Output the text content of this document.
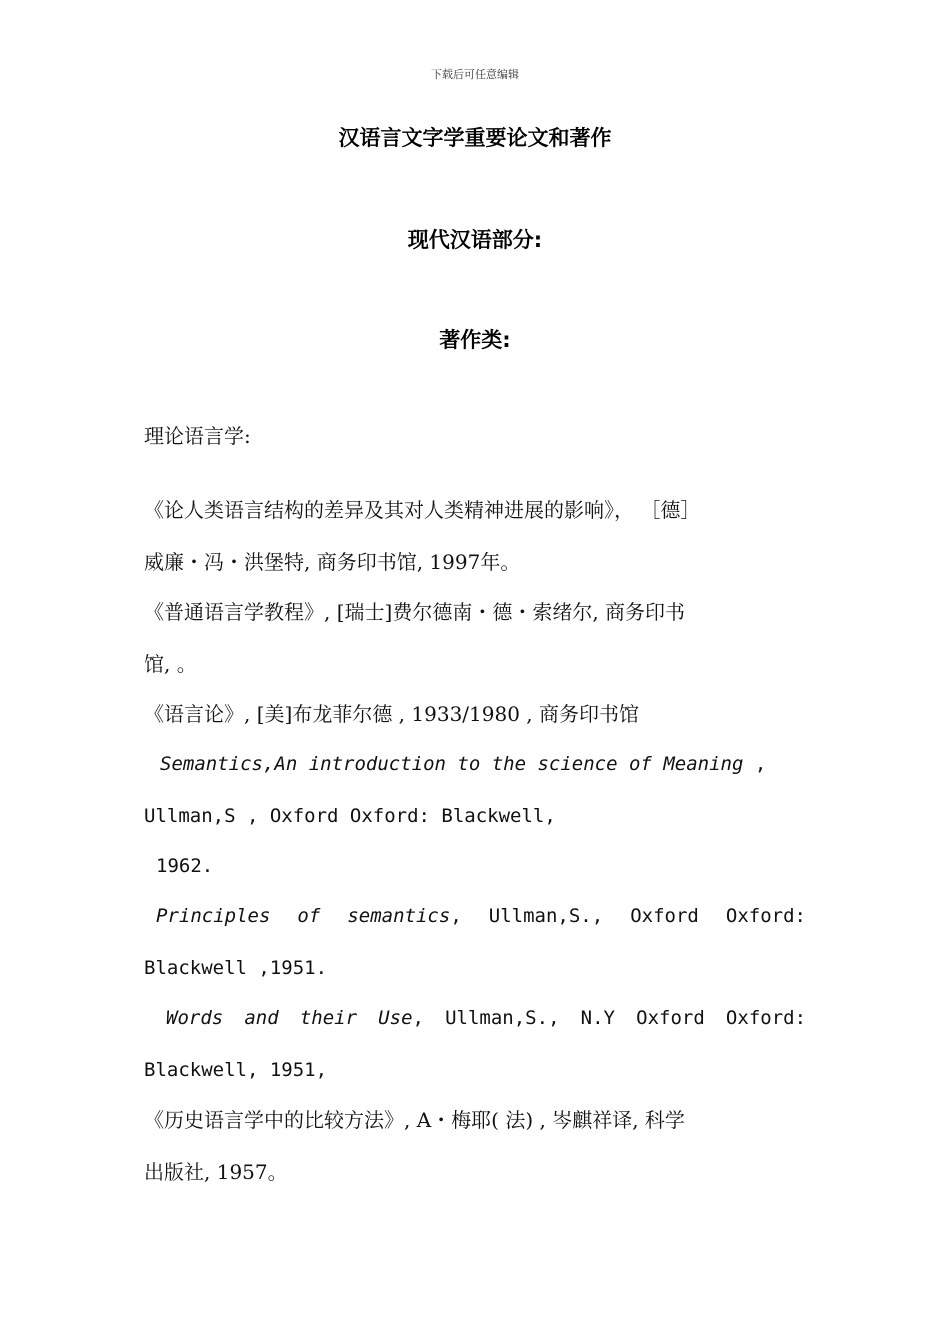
下载后可任意编辑

汉语言文字学重要论文和著作
现代汉语部分:
著作类:

理论语言学:

《论人类语言结构的差异及其对人类精神进展的影响》， ［德］

威廉・冯・洪堡特, 商务印书馆, 1997年。

《普通语言学教程》, [瑞士]费尔德南・德・索绪尔, 商务印书

馆, 。

《语言论》, [美]布龙菲尔德 , 1933/1980 , 商务印书馆

Semantics,An introduction to the science of Meaning ,

Ullman,S , Oxford Oxford: Blackwell,

1962.

Principles of semantics, Ullman,S., Oxford Oxford:

Blackwell ,1951.

Words and their Use, Ullman,S., N.Y Oxford Oxford:

Blackwell, 1951,

《历史语言学中的比较方法》, A・梅耶( 法) , 岑麒祥译, 科学

出版社, 1957。
